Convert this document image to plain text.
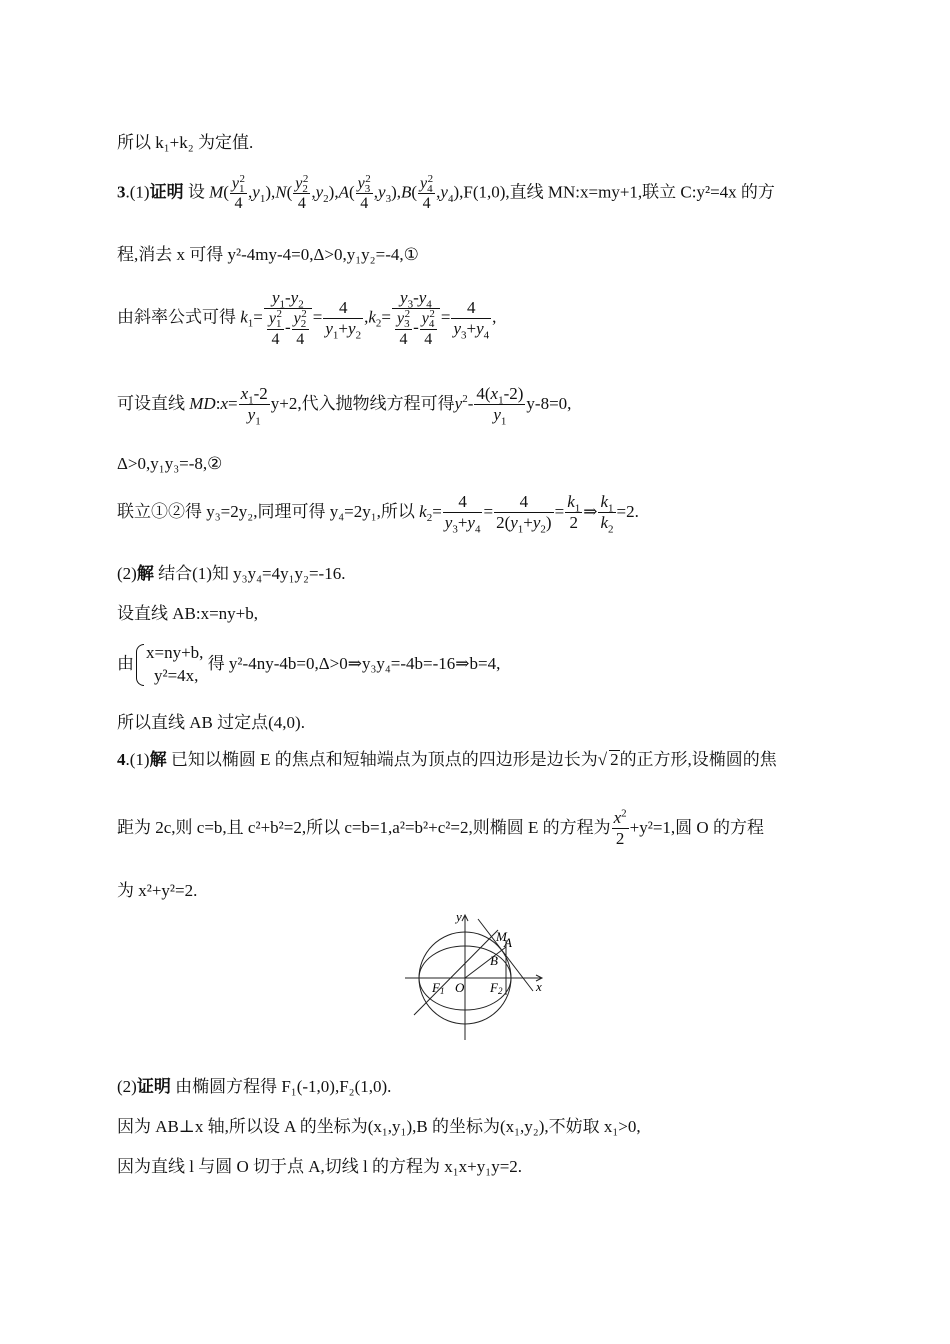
所以 k₁+k₂ 为定值.
3.(1)证明 设 $M( \frac{y_1^2}{4} ,y_1),N( \frac{y_2^2}{4} ,y_2),A( \frac{y_3^2}{4} ,y_3),B( \frac{y_4^2}{4} ,y_4),F(1,0)$,直线 MN:x=my+1,联立 C:y²=4x 的方
程,消去 x 可得 y²-4my-4=0,Δ>0,y₁y₂=-4,①
由斜率公式可得 $k_1= \frac{y_1-y_2}{\frac{y_1^2}{4} - \frac{y_2^2}{4}} = \frac{4}{y_1+y_2} ,k_2= \frac{y_3-y_4}{\frac{y_3^2}{4} - \frac{y_4^2}{4}} = \frac{4}{y_3+y_4}$ ,
可设直线 MD:x= $\frac{x_1-2}{y_1} y+2$,代入抛物线方程可得$y^2- \frac{4(x_1-2)}{y_1} y-8=0$,
Δ>0,y₁y₃=-8,②
联立①②得 y₃=2y₂,同理可得 y₄=2y₁,所以 $k_2= \frac{4}{y_3+y_4} = \frac{4}{2(y_1+y_2)} = \frac{k_1}{2}$ ⇒ $\frac{k_1}{k_2} =2$.
(2)解 结合(1)知 y₃y₄=4y₁y₂=-16.
设直线 AB:x=ny+b,
由
x=ny+b,
y²=4x,
得 y²-4ny-4b=0,Δ>0⇒y₃y₄=-4b=-16⇒b=4,
所以直线 AB 过定点(4,0).
4.(1)解 已知以椭圆 E 的焦点和短轴端点为顶点的四边形是边长为√ 2的正方形,设椭圆的焦
距为 2c,则 c=b,且 c²+b²=2,所以 c=b=1,a²=b²+c²=2,则椭圆 E 的方程为 $\frac{x^2}{2} +y^2=1$,圆 O 的方程
为 x²+y²=2.
y
x
M
A
B
F1 O F2
(2)证明 由椭圆方程得 F₁(-1,0),F₂(1,0).
因为 AB⊥x 轴,所以设 A 的坐标为(x₁,y₁),B 的坐标为(x₁,y₂),不妨取 x₁>0,
因为直线 l 与圆 O 切于点 A,切线 l 的方程为 x₁x+y₁y=2.
